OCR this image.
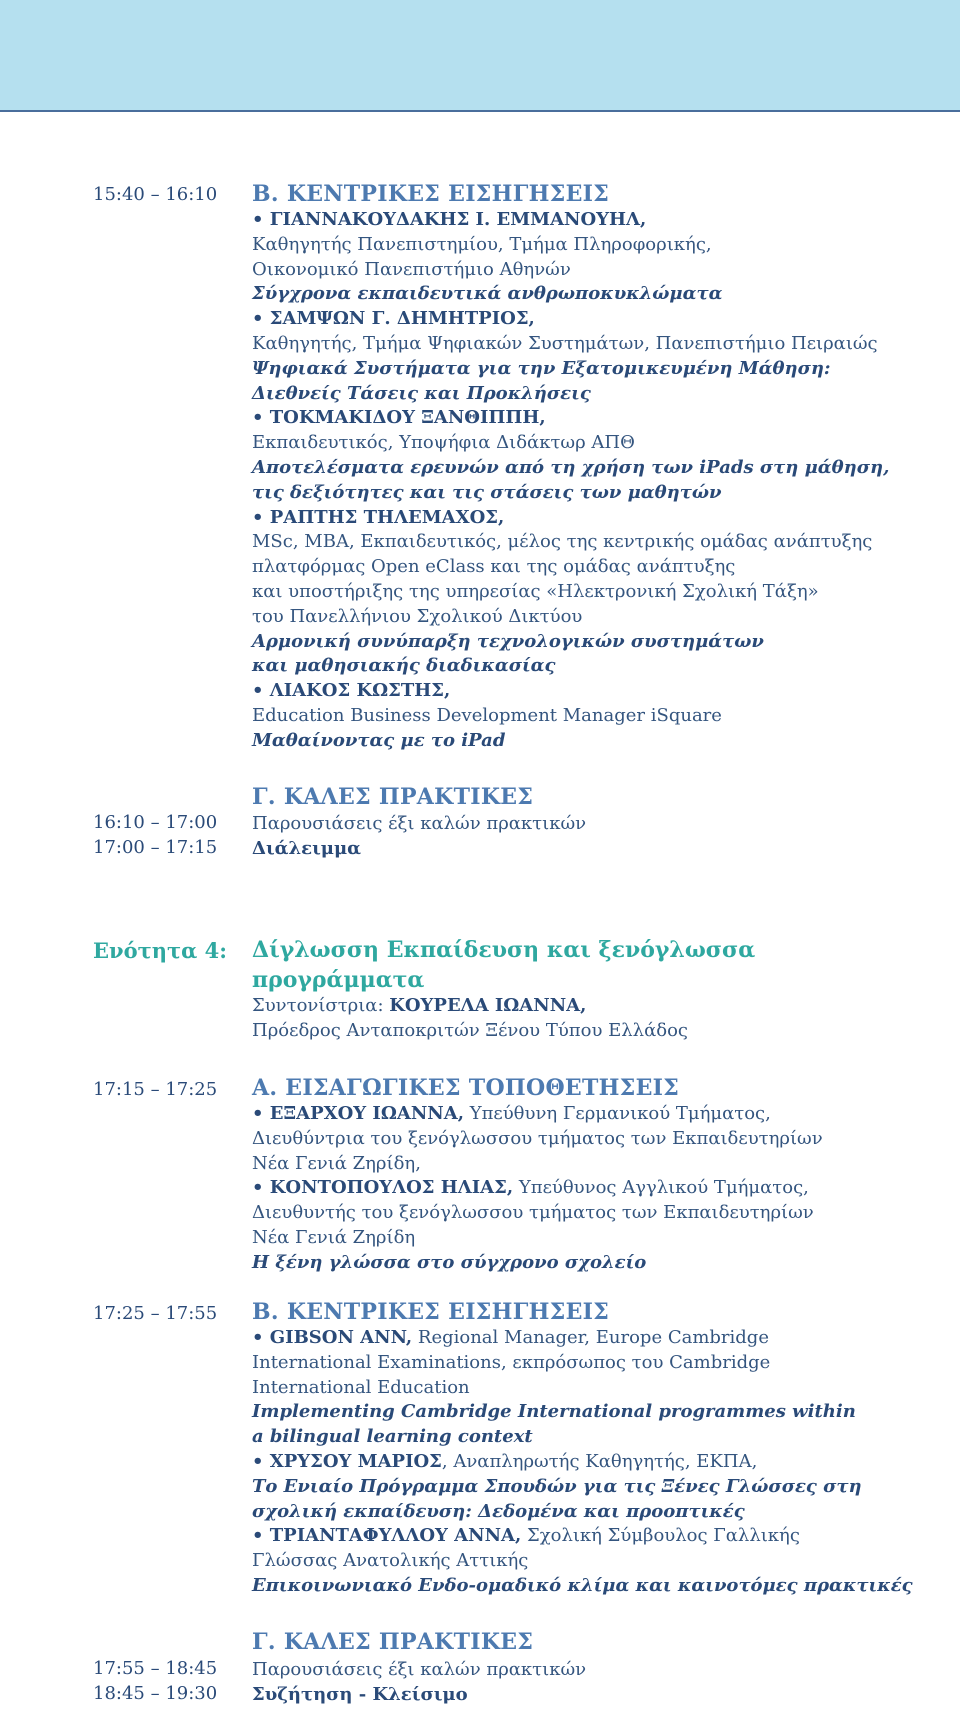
15:40 – 16:10 Β. ΚΕΝΤΡΙΚΕΣ ΕΙΣΗΓΗΣΕΙΣ
• ΓΙΑΝΝΑΚΟΥΔΑΚΗΣ Ι. ΕΜΜΑΝΟΥΗΛ,
Καθηγητής Πανεπιστημίου, Τμήμα Πληροφορικής,
Οικονομικό Πανεπιστήμιο Αθηνών
Σύγχρονα εκπαιδευτικά ανθρωποκυκλώματα
• ΣΑΜΨΩΝ Γ. ΔΗΜΗΤΡΙΟΣ,
Καθηγητής, Τμήμα Ψηφιακών Συστημάτων, Πανεπιστήμιο Πειραιώς
Ψηφιακά Συστήματα για την Εξατομικευμένη Μάθηση:
Διεθνείς Τάσεις και Προκλήσεις
• ΤΟΚΜΑΚΙΔΟΥ ΞΑΝΘΙΠΠΗ,
Εκπαιδευτικός, Υποψήφια Διδάκτωρ ΑΠΘ
Αποτελέσματα ερευνών από τη χρήση των iPads στη μάθηση,
τις δεξιότητες και τις στάσεις των μαθητών
• ΡΑΠΤΗΣ ΤΗΛΕΜΑΧΟΣ,
MSc, MBA, Εκπαιδευτικός, μέλος της κεντρικής ομάδας ανάπτυξης
πλατφόρμας Open eClass και της ομάδας ανάπτυξης
και υποστήριξης της υπηρεσίας «Ηλεκτρονική Σχολική Τάξη»
του Πανελλήνιου Σχολικού Δικτύου
Αρμονική συνύπαρξη τεχνολογικών συστημάτων
και μαθησιακής διαδικασίας
• ΛΙΑΚΟΣ ΚΩΣΤΗΣ,
Education Business Development Manager iSquare
Μαθαίνοντας με το iPad
Γ. ΚΑΛΕΣ ΠΡΑΚΤΙΚΕΣ
16:10 – 17:00 Παρουσιάσεις έξι καλών πρακτικών
17:00 – 17:15 Διάλειμμα
Ενότητα 4: Δίγλωσση Εκπαίδευση και ξενόγλωσσα
προγράμματα
Συντονίστρια: ΚΟΥΡΕΛΑ ΙΩΑΝΝΑ,
Πρόεδρος Ανταποκριτών Ξένου Τύπου Ελλάδος
17:15 – 17:25 Α. ΕΙΣΑΓΩΓΙΚΕΣ ΤΟΠΟΘΕΤΗΣΕΙΣ
• ΕΞΑΡΧΟΥ ΙΩΑΝΝΑ, Υπεύθυνη Γερμανικού Τμήματος,
Διευθύντρια του ξενόγλωσσου τμήματος των Εκπαιδευτηρίων
Νέα Γενιά Ζηρίδη,
• ΚΟΝΤΟΠΟΥΛΟΣ ΗΛΙΑΣ, Υπεύθυνος Αγγλικού Τμήματος,
Διευθυντής του ξενόγλωσσου τμήματος των Εκπαιδευτηρίων
Νέα Γενιά Ζηρίδη
Η ξένη γλώσσα στο σύγχρονο σχολείο
17:25 – 17:55 Β. ΚΕΝΤΡΙΚΕΣ ΕΙΣΗΓΗΣΕΙΣ
• GIBSON ANN, Regional Manager, Europe Cambridge
International Examinations, εκπρόσωπος του Cambridge
International Education
Implementing Cambridge International programmes within
a bilingual learning context
• ΧΡΥΣΟΥ ΜΑΡΙΟΣ, Αναπληρωτής Καθηγητής, ΕΚΠΑ,
Το Ενιαίο Πρόγραμμα Σπουδών για τις Ξένες Γλώσσες στη
σχολική εκπαίδευση: Δεδομένα και προοπτικές
• ΤΡΙΑΝΤΑΦΥΛΛΟΥ ΑΝΝΑ, Σχολική Σύμβουλος Γαλλικής
Γλώσσας Ανατολικής Αττικής
Επικοινωνιακό Ενδο-ομαδικό κλίμα και καινοτόμες πρακτικές
Γ. ΚΑΛΕΣ ΠΡΑΚΤΙΚΕΣ
17:55 – 18:45 Παρουσιάσεις έξι καλών πρακτικών
18:45 – 19:30 Συζήτηση - Κλείσιμο
